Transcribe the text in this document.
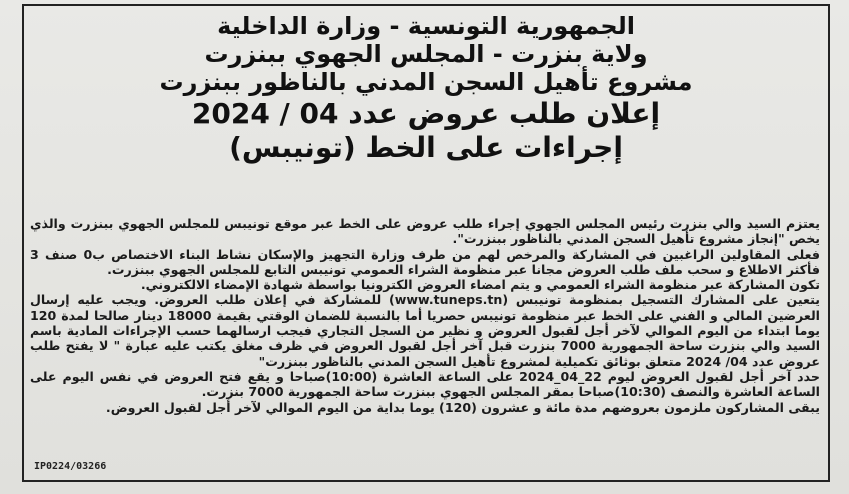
الجمهورية التونسية - وزارة الداخلية

ولاية بنزرت - المجلس الجهوي ببنزرت

مشروع تأهيل السجن المدني بالناظور ببنزرت

إعلان طلب عروض عدد 04 / 2024

إجراءات على الخط (تونيبس)

يعتزم السيد والي بنزرت رئيس المجلس الجهوي إجراء طلب عروض على الخط عبر موقع تونيبس للمجلس الجهوي ببنزرت والذي يخص "إنجاز مشروع تأهيل السجن المدني بالناظور ببنزرت".

فعلى المقاولين الراغبين في المشاركة والمرخص لهم من طرف وزارة التجهيز والإسكان نشاط البناء الاختصاص ب0 صنف 3 فأكثر الاطلاع و سحب ملف طلب العروض مجانا عبر منظومة الشراء العمومي تونيبس التابع للمجلس الجهوي ببنزرت.

تكون المشاركة عبر منظومة الشراء العمومي و يتم امضاء العروض الكترونيا بواسطة شهادة الإمضاء الالكتروني.

يتعين على المشارك التسجيل بمنظومة تونيبس (www.tuneps.tn) للمشاركة في إعلان طلب العروض. ويجب عليه إرسال العرضين المالي و الفني على الخط عبر منظومة تونيبس حصريا أما بالنسبة للضمان الوقتي بقيمة 18000 دينار صالحا لمدة 120 يوما ابتداء من اليوم الموالي لآخر أجل لقبول العروض و نظير من السجل التجاري فيجب ارسالهما حسب الإجراءات المادية باسم السيد والي بنزرت ساحة الجمهورية 7000 بنزرت قبل آخر أجل لقبول العروض في ظرف مغلق يكتب عليه عبارة " لا يفتح طلب عروض عدد 04/ 2024 متعلق بوثائق تكميلية لمشروع تأهيل السجن المدني بالناظور ببنزرت"

حدد آخر أجل لقبول العروض ليوم 22_04_2024 على الساعة العاشرة (10:00)صباحا و يقع فتح العروض في نفس اليوم على الساعة العاشرة والنصف (10:30)صباحا بمقر المجلس الجهوي ببنزرت ساحة الجمهورية 7000 بنزرت.

يبقى المشاركون ملزمون بعروضهم مدة مائة و عشرون (120) يوما بداية من اليوم الموالي لآخر أجل لقبول العروض.

IP0224/03266
